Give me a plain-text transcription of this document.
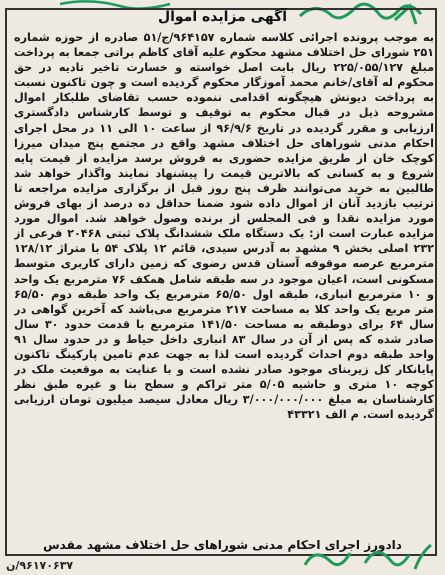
آگهی مزایده اموال

به موجب پرونده اجرائی کلاسه شماره ۹۶۴۱۵۷/ج/۵۱ صادره از حوزه شماره ۲۵۱ شورای حل اختلاف مشهد محکوم علیه آقای کاظم براتی جمعا به پرداخت مبلغ ۲۲۵/۰۵۵/۱۲۷ ریال بابت اصل خواسته و خسارت تاخیر تادیه در حق محکوم له آقای/خانم محمد آموزگار محکوم گردیده است و چون تاکنون نسبت به پرداخت دیونش هیچگونه اقدامی ننموده حسب تقاضای طلبکار اموال مشروحه ذیل در قبال محکوم به توقیف و توسط کارشناس دادگستری ارزیابی و مقرر گردیده در تاریخ ۹۶/۹/۶ از ساعت ۱۰ الی ۱۱ در محل اجرای احکام مدنی شوراهای حل اختلاف مشهد واقع در مجتمع پنج میدان میرزا کوچک خان از طریق مزایده حضوری به فروش برسد مزایده از قیمت پایه شروع و به کسانی که بالاترین قیمت را پیشنهاد نمایند واگذار خواهد شد طالبین به خرید می‌توانند ظرف پنج روز قبل از برگزاری مزایده مراجعه تا ترتیب بازدید آنان از اموال داده شود ضمنا حداقل ده درصد از بهای فروش مورد مزایده نقدا و فی المجلس از برنده وصول خواهد شد. اموال مورد مزایده عبارت است از: یک دستگاه ملک ششدانگ پلاک ثبتی ۲۰۴۶۸ فرعی از ۲۳۲ اصلی بخش ۹ مشهد به آدرس سیدی، قائم ۱۲ پلاک ۵۴ با متراژ ۱۲۸/۱۲ مترمربع عرصه موقوفه آستان قدس رضوی که زمین دارای کاربری متوسط مسکونی است، اعیان موجود در سه طبقه شامل همکف ۷۶ مترمربع یک واحد و ۱۰ مترمربع انباری، طبقه اول ۶۵/۵۰ مترمربع یک واحد طبقه دوم ۶۵/۵۰ متر مربع یک واحد کلا به مساحت ۲۱۷ مترمربع می‌باشد که آخرین گواهی در سال ۶۴ برای دوطبقه به مساحت ۱۴۱/۵۰ مترمربع با قدمت حدود ۳۰ سال صادر شده که پس از آن در سال ۸۳ انباری داخل حیاط و در حدود سال ۹۱ واحد طبقه دوم احداث گردیده است لذا به جهت عدم تامین پارکینگ تاکنون پایانکار کل زیربنای موجود صادر نشده است و با عنایت به موقعیت ملک در کوچه ۱۰ متری و حاشیه ۵/۰۵ متر تراکم و سطح بنا و غیره طبق نظر کارشناسان به مبلغ ۳/۰۰۰/۰۰۰/۰۰۰ ریال معادل سیصد میلیون تومان ارزیابی گردیده است. م الف ۴۳۳۲۱

دادورز اجرای احکام مدنی شوراهای حل اختلاف مشهد مقدس
۹۶۱۷۰۶۳۷/ن
